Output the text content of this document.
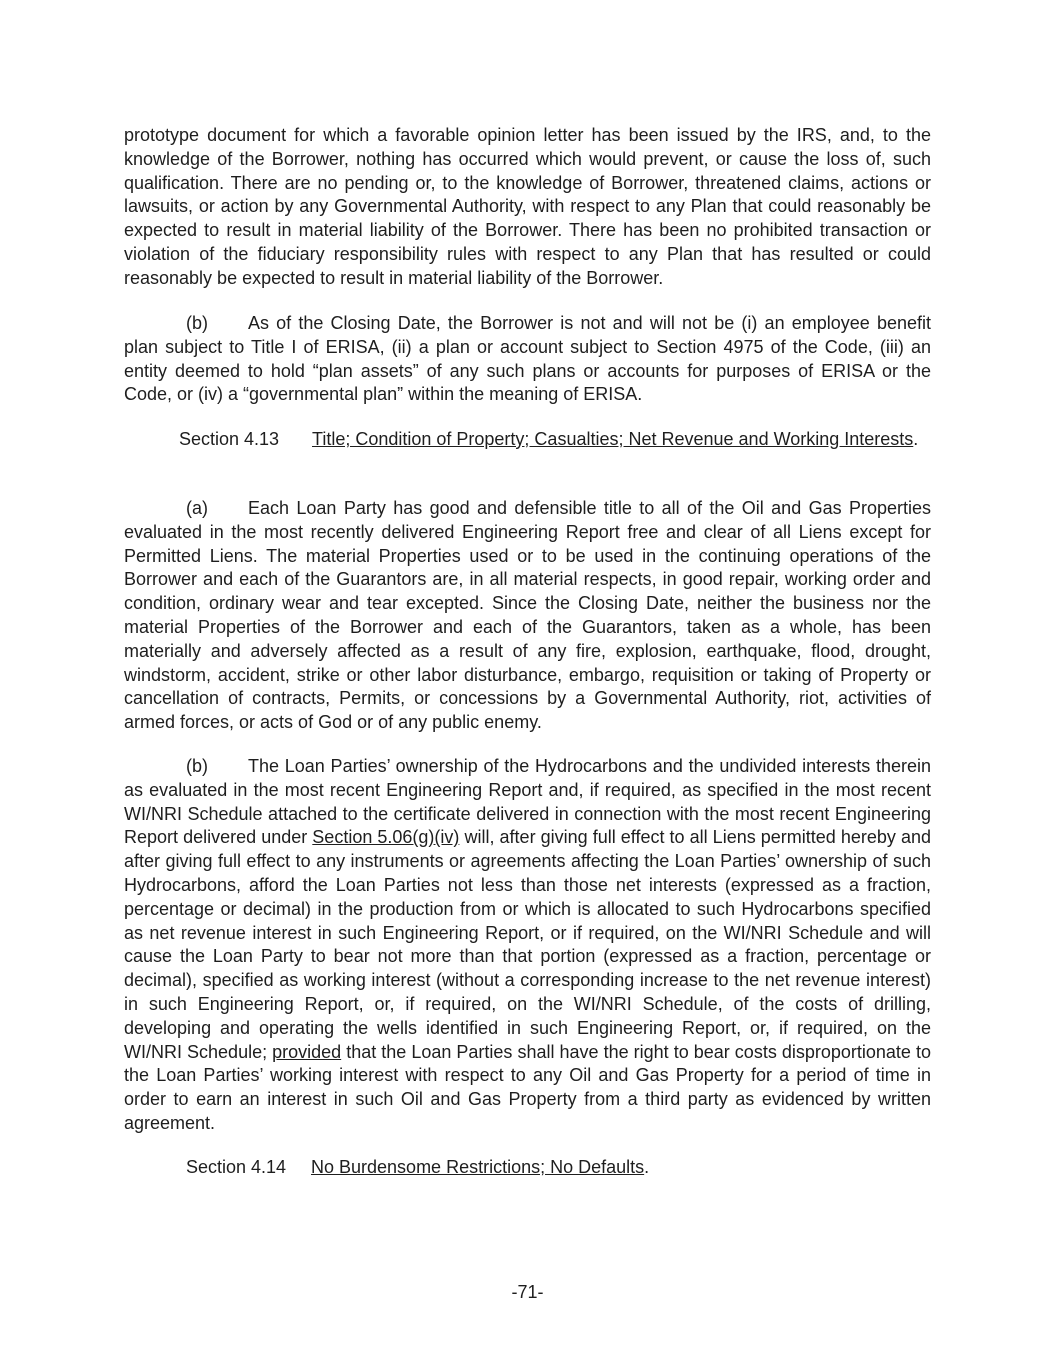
prototype document for which a favorable opinion letter has been issued by the IRS, and, to the knowledge of the Borrower, nothing has occurred which would prevent, or cause the loss of, such qualification. There are no pending or, to the knowledge of Borrower, threatened claims, actions or lawsuits, or action by any Governmental Authority, with respect to any Plan that could reasonably be expected to result in material liability of the Borrower. There has been no prohibited transaction or violation of the fiduciary responsibility rules with respect to any Plan that has resulted or could reasonably be expected to result in material liability of the Borrower.

(b) As of the Closing Date, the Borrower is not and will not be (i) an employee benefit plan subject to Title I of ERISA, (ii) a plan or account subject to Section 4975 of the Code, (iii) an entity deemed to hold “plan assets” of any such plans or accounts for purposes of ERISA or the Code, or (iv) a “governmental plan” within the meaning of ERISA.

Section 4.13 Title; Condition of Property; Casualties; Net Revenue and Working Interests.

(a) Each Loan Party has good and defensible title to all of the Oil and Gas Properties evaluated in the most recently delivered Engineering Report free and clear of all Liens except for Permitted Liens. The material Properties used or to be used in the continuing operations of the Borrower and each of the Guarantors are, in all material respects, in good repair, working order and condition, ordinary wear and tear excepted. Since the Closing Date, neither the business nor the material Properties of the Borrower and each of the Guarantors, taken as a whole, has been materially and adversely affected as a result of any fire, explosion, earthquake, flood, drought, windstorm, accident, strike or other labor disturbance, embargo, requisition or taking of Property or cancellation of contracts, Permits, or concessions by a Governmental Authority, riot, activities of armed forces, or acts of God or of any public enemy.

(b) The Loan Parties’ ownership of the Hydrocarbons and the undivided interests therein as evaluated in the most recent Engineering Report and, if required, as specified in the most recent WI/NRI Schedule attached to the certificate delivered in connection with the most recent Engineering Report delivered under Section 5.06(g)(iv) will, after giving full effect to all Liens permitted hereby and after giving full effect to any instruments or agreements affecting the Loan Parties’ ownership of such Hydrocarbons, afford the Loan Parties not less than those net interests (expressed as a fraction, percentage or decimal) in the production from or which is allocated to such Hydrocarbons specified as net revenue interest in such Engineering Report, or if required, on the WI/NRI Schedule and will cause the Loan Party to bear not more than that portion (expressed as a fraction, percentage or decimal), specified as working interest (without a corresponding increase to the net revenue interest) in such Engineering Report, or, if required, on the WI/NRI Schedule, of the costs of drilling, developing and operating the wells identified in such Engineering Report, or, if required, on the WI/NRI Schedule; provided that the Loan Parties shall have the right to bear costs disproportionate to the Loan Parties’ working interest with respect to any Oil and Gas Property for a period of time in order to earn an interest in such Oil and Gas Property from a third party as evidenced by written agreement.

Section 4.14 No Burdensome Restrictions; No Defaults.

-71-
